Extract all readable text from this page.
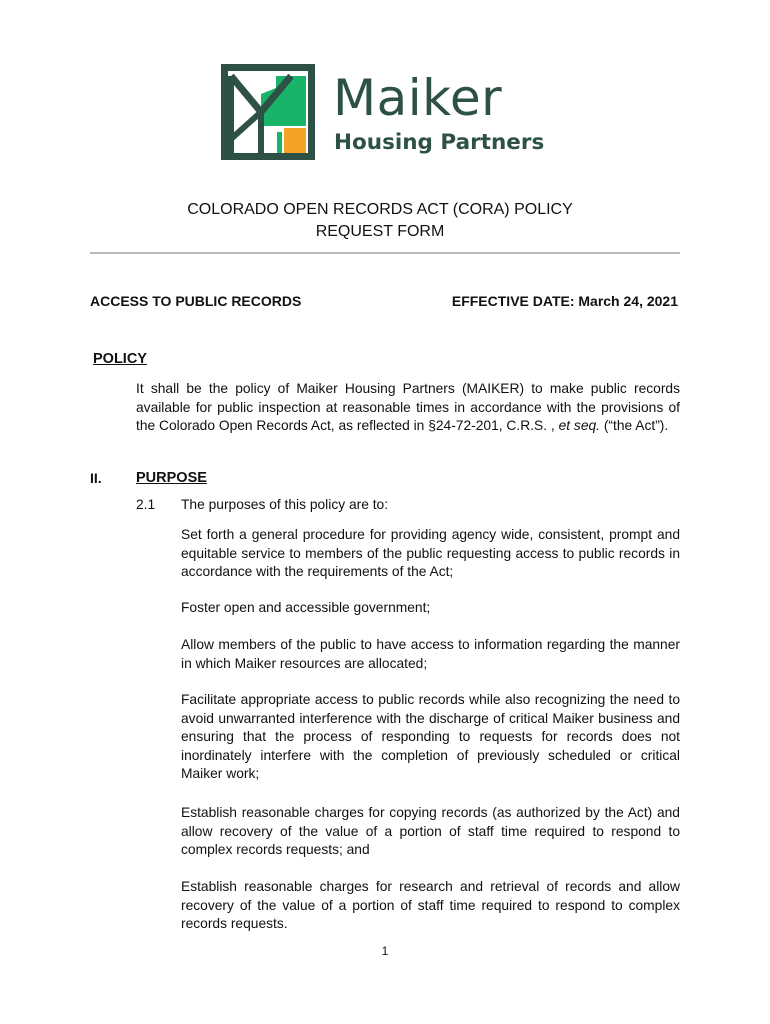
Maiker
Housing Partners
COLORADO OPEN RECORDS ACT (CORA) POLICY
REQUEST FORM
ACCESS TO PUBLIC RECORDS	EFFECTIVE DATE: March 24, 2021
POLICY

It shall be the policy of Maiker Housing Partners (MAIKER) to make public records available for public inspection at reasonable times in accordance with the provisions of the Colorado Open Records Act, as reflected in §24-72-201, C.R.S. , et seq. (“the Act”).

II. PURPOSE
2.1 The purposes of this policy are to:

Set forth a general procedure for providing agency wide, consistent, prompt and equitable service to members of the public requesting access to public records in accordance with the requirements of the Act;

Foster open and accessible government;

Allow members of the public to have access to information regarding the manner in which Maiker resources are allocated;

Facilitate appropriate access to public records while also recognizing the need to avoid unwarranted interference with the discharge of critical Maiker business and ensuring that the process of responding to requests for records does not inordinately interfere with the completion of previously scheduled or critical Maiker work;

Establish reasonable charges for copying records (as authorized by the Act) and allow recovery of the value of a portion of staff time required to respond to complex records requests; and

Establish reasonable charges for research and retrieval of records and allow recovery of the value of a portion of staff time required to respond to complex records requests.

1
